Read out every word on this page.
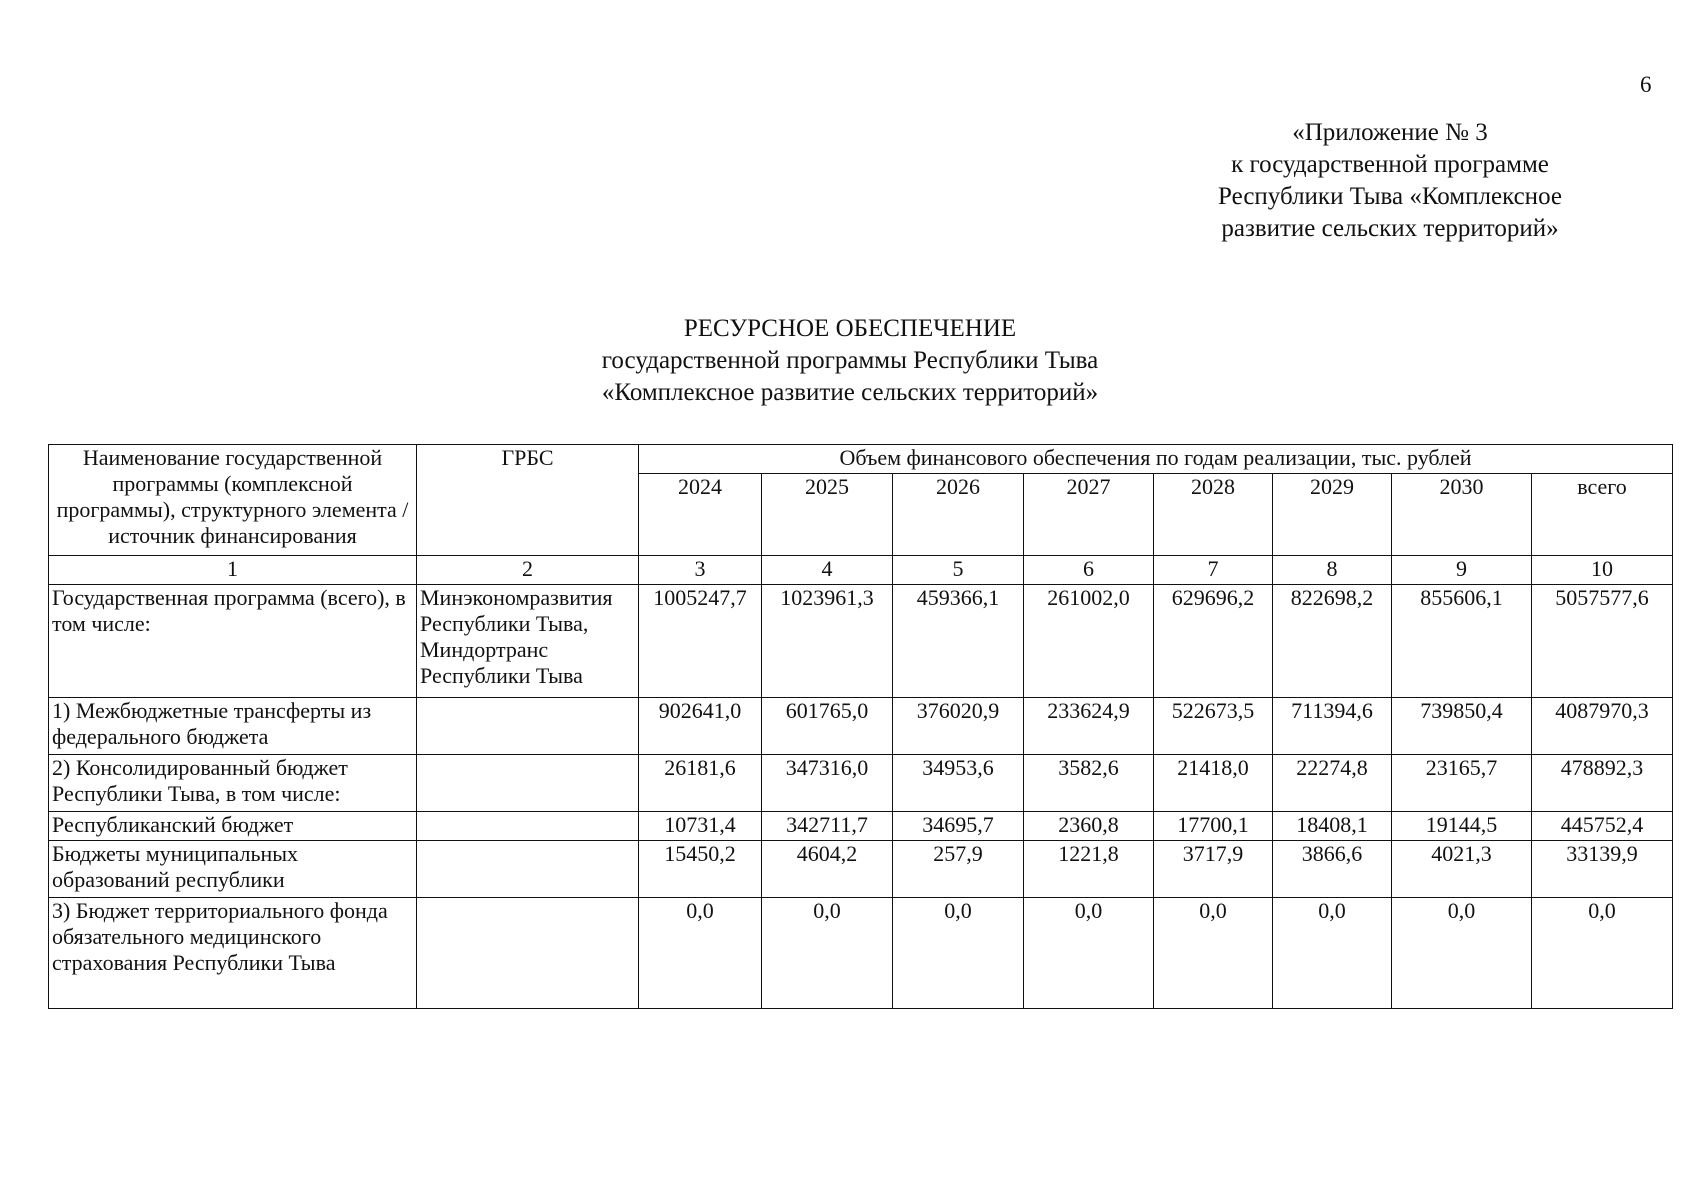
6
«Приложение № 3
к государственной программе
Республики Тыва «Комплексное
развитие сельских территорий»
РЕСУРСНОЕ ОБЕСПЕЧЕНИЕ
государственной программы Республики Тыва
«Комплексное развитие сельских территорий»
Наименование государственной программы (комплексной программы), структурного элемента / источник финансирования	ГРБС	Объем финансового обеспечения по годам реализации, тыс. рублей							
		2024	2025	2026	2027	2028	2029	2030	всего
1	2	3	4	5	6	7	8	9	10
Государственная программа (всего), в том числе:	Минэкономразвития Республики Тыва, Миндортранс Республики Тыва	1005247,7	1023961,3	459366,1	261002,0	629696,2	822698,2	855606,1	5057577,6
1) Межбюджетные трансферты из федерального бюджета		902641,0	601765,0	376020,9	233624,9	522673,5	711394,6	739850,4	4087970,3
2) Консолидированный бюджет Республики Тыва, в том числе:		26181,6	347316,0	34953,6	3582,6	21418,0	22274,8	23165,7	478892,3
Республиканский бюджет		10731,4	342711,7	34695,7	2360,8	17700,1	18408,1	19144,5	445752,4
Бюджеты муниципальных образований республики		15450,2	4604,2	257,9	1221,8	3717,9	3866,6	4021,3	33139,9
3) Бюджет территориального фонда обязательного медицинского страхования Республики Тыва		0,0	0,0	0,0	0,0	0,0	0,0	0,0	0,0
